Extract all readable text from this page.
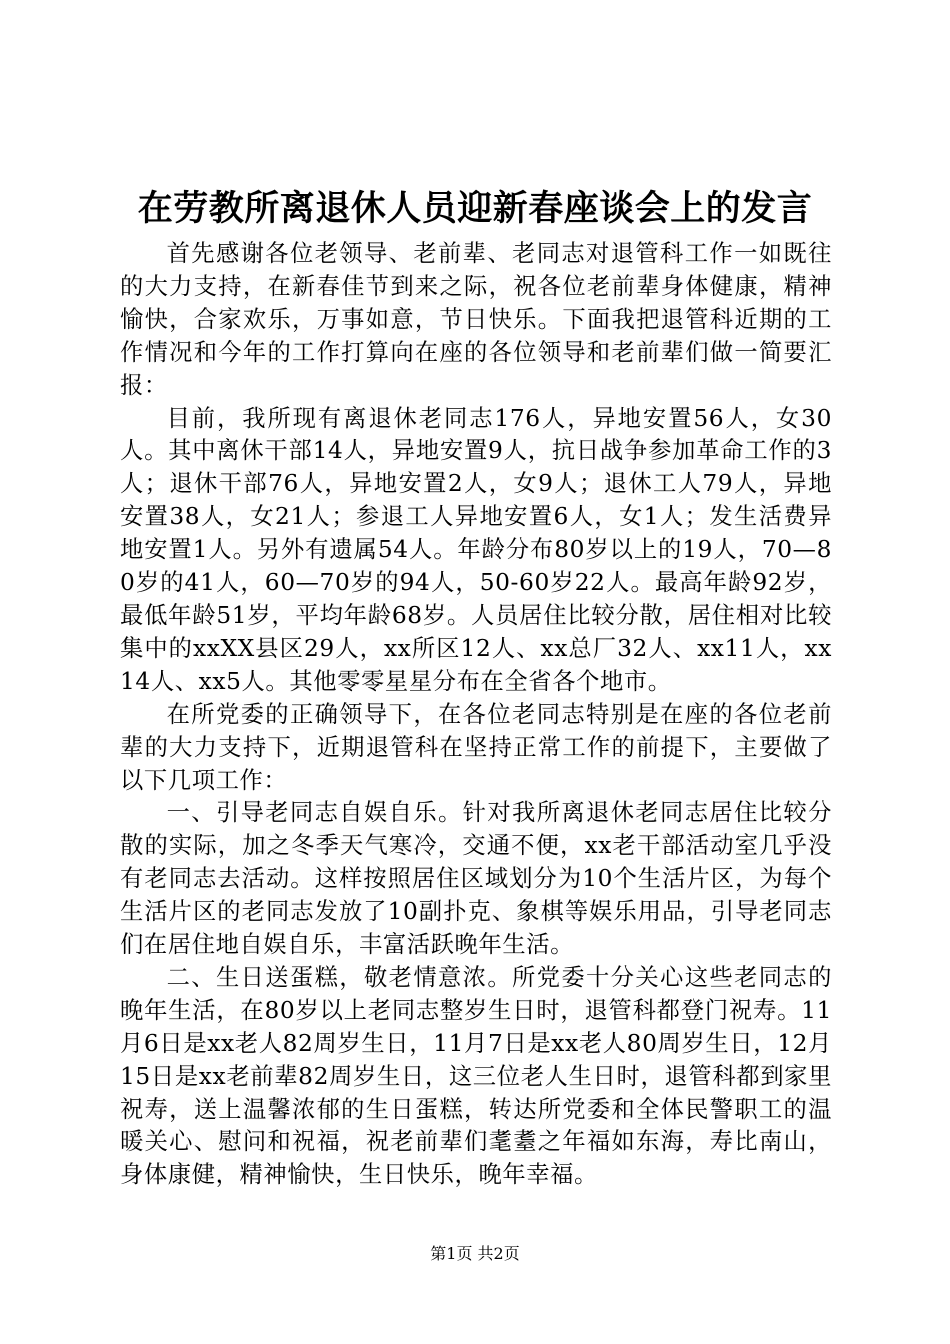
在劳教所离退休人员迎新春座谈会上的发言

首先感谢各位老领导、老前辈、老同志对退管科工作一如既往的大力支持，在新春佳节到来之际，祝各位老前辈身体健康，精神愉快，合家欢乐，万事如意，节日快乐。下面我把退管科近期的工作情况和今年的工作打算向在座的各位领导和老前辈们做一简要汇报：

目前，我所现有离退休老同志176人，异地安置56人，女30人。其中离休干部14人，异地安置9人，抗日战争参加革命工作的3人；退休干部76人，异地安置2人，女9人；退休工人79人，异地安置38人，女21人；参退工人异地安置6人，女1人；发生活费异地安置1人。另外有遗属54人。年龄分布80岁以上的19人，70—80岁的41人，60—70岁的94人，50-60岁22人。最高年龄92岁，最低年龄51岁，平均年龄68岁。人员居住比较分散，居住相对比较集中的xxXX县区29人，xx所区12人、xx总厂32人、xx11人，xx14人、xx5人。其他零零星星分布在全省各个地市。

在所党委的正确领导下，在各位老同志特别是在座的各位老前辈的大力支持下，近期退管科在坚持正常工作的前提下，主要做了以下几项工作：

一、引导老同志自娱自乐。针对我所离退休老同志居住比较分散的实际，加之冬季天气寒冷，交通不便，xx老干部活动室几乎没有老同志去活动。这样按照居住区域划分为10个生活片区，为每个生活片区的老同志发放了10副扑克、象棋等娱乐用品，引导老同志们在居住地自娱自乐，丰富活跃晚年生活。

二、生日送蛋糕，敬老情意浓。所党委十分关心这些老同志的晚年生活，在80岁以上老同志整岁生日时，退管科都登门祝寿。11月6日是xx老人82周岁生日，11月7日是xx老人80周岁生日，12月15日是xx老前辈82周岁生日，这三位老人生日时，退管科都到家里祝寿，送上温馨浓郁的生日蛋糕，转达所党委和全体民警职工的温暖关心、慰问和祝福，祝老前辈们耄耋之年福如东海，寿比南山，身体康健，精神愉快，生日快乐，晚年幸福。

第1页 共2页
